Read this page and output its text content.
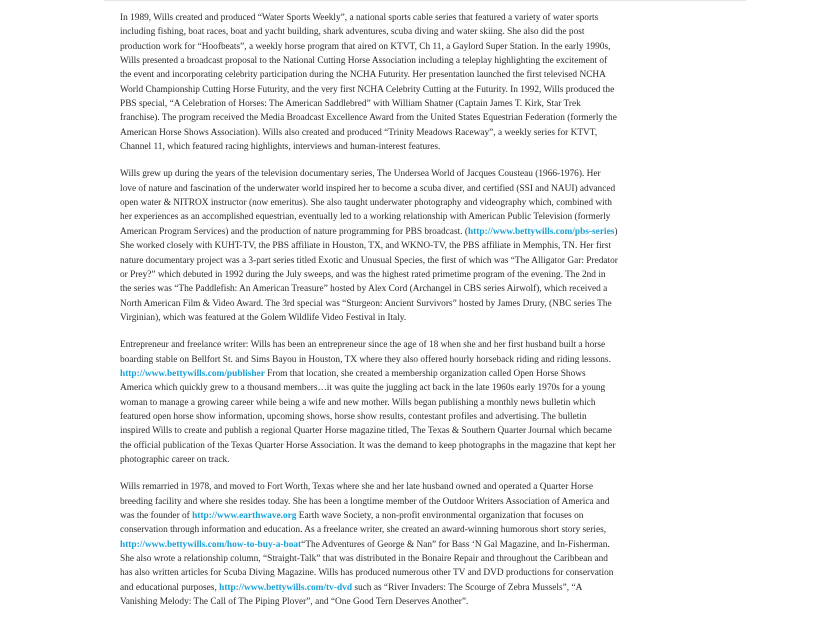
In 1989, Wills created and produced “Water Sports Weekly”, a national sports cable series that featured a variety of water sports including fishing, boat races, boat and yacht building, shark adventures, scuba diving and water skiing. She also did the post production work for “Hoofbeats”, a weekly horse program that aired on KTVT, Ch 11, a Gaylord Super Station. In the early 1990s, Wills presented a broadcast proposal to the National Cutting Horse Association including a teleplay highlighting the excitement of the event and incorporating celebrity participation during the NCHA Futurity. Her presentation launched the first televised NCHA World Championship Cutting Horse Futurity, and the very first NCHA Celebrity Cutting at the Futurity. In 1992, Wills produced the PBS special, “A Celebration of Horses: The American Saddlebred” with William Shatner (Captain James T. Kirk, Star Trek franchise). The program received the Media Broadcast Excellence Award from the United States Equestrian Federation (formerly the American Horse Shows Association). Wills also created and produced “Trinity Meadows Raceway”, a weekly series for KTVT, Channel 11, which featured racing highlights, interviews and human-interest features.

Wills grew up during the years of the television documentary series, The Undersea World of Jacques Cousteau (1966-1976). Her love of nature and fascination of the underwater world inspired her to become a scuba diver, and certified (SSI and NAUI) advanced open water & NITROX instructor (now emeritus). She also taught underwater photography and videography which, combined with her experiences as an accomplished equestrian, eventually led to a working relationship with American Public Television (formerly American Program Services) and the production of nature programming for PBS broadcast. (http://www.bettywills.com/pbs-series) She worked closely with KUHT-TV, the PBS affiliate in Houston, TX, and WKNO-TV, the PBS affiliate in Memphis, TN. Her first nature documentary project was a 3-part series titled Exotic and Unusual Species, the first of which was “The Alligator Gar: Predator or Prey?” which debuted in 1992 during the July sweeps, and was the highest rated primetime program of the evening. The 2nd in the series was “The Paddlefish: An American Treasure” hosted by Alex Cord (Archangel in CBS series Airwolf), which received a North American Film & Video Award. The 3rd special was “Sturgeon: Ancient Survivors” hosted by James Drury, (NBC series The Virginian), which was featured at the Golem Wildlife Video Festival in Italy.

Entrepreneur and freelance writer: Wills has been an entrepreneur since the age of 18 when she and her first husband built a horse boarding stable on Bellfort St. and Sims Bayou in Houston, TX where they also offered hourly horseback riding and riding lessons. http://www.bettywills.com/publisher From that location, she created a membership organization called Open Horse Shows America which quickly grew to a thousand members…it was quite the juggling act back in the late 1960s early 1970s for a young woman to manage a growing career while being a wife and new mother. Wills began publishing a monthly news bulletin which featured open horse show information, upcoming shows, horse show results, contestant profiles and advertising. The bulletin inspired Wills to create and publish a regional Quarter Horse magazine titled, The Texas & Southern Quarter Journal which became the official publication of the Texas Quarter Horse Association. It was the demand to keep photographs in the magazine that kept her photographic career on track.

Wills remarried in 1978, and moved to Fort Worth, Texas where she and her late husband owned and operated a Quarter Horse breeding facility and where she resides today. She has been a longtime member of the Outdoor Writers Association of America and was the founder of http://www.earthwave.org Earth wave Society, a non-profit environmental organization that focuses on conservation through information and education. As a freelance writer, she created an award-winning humorous short story series, http://www.bettywills.com/how-to-buy-a-boat“The Adventures of George & Nan” for Bass ‘N Gal Magazine, and In-Fisherman. She also wrote a relationship column, “Straight-Talk” that was distributed in the Bonaire Repair and throughout the Caribbean and has also written articles for Scuba Diving Magazine. Wills has produced numerous other TV and DVD productions for conservation and educational purposes, http://www.bettywills.com/tv-dvd such as “River Invaders: The Scourge of Zebra Mussels”, “A Vanishing Melody: The Call of The Piping Plover”, and “One Good Tern Deserves Another”.
